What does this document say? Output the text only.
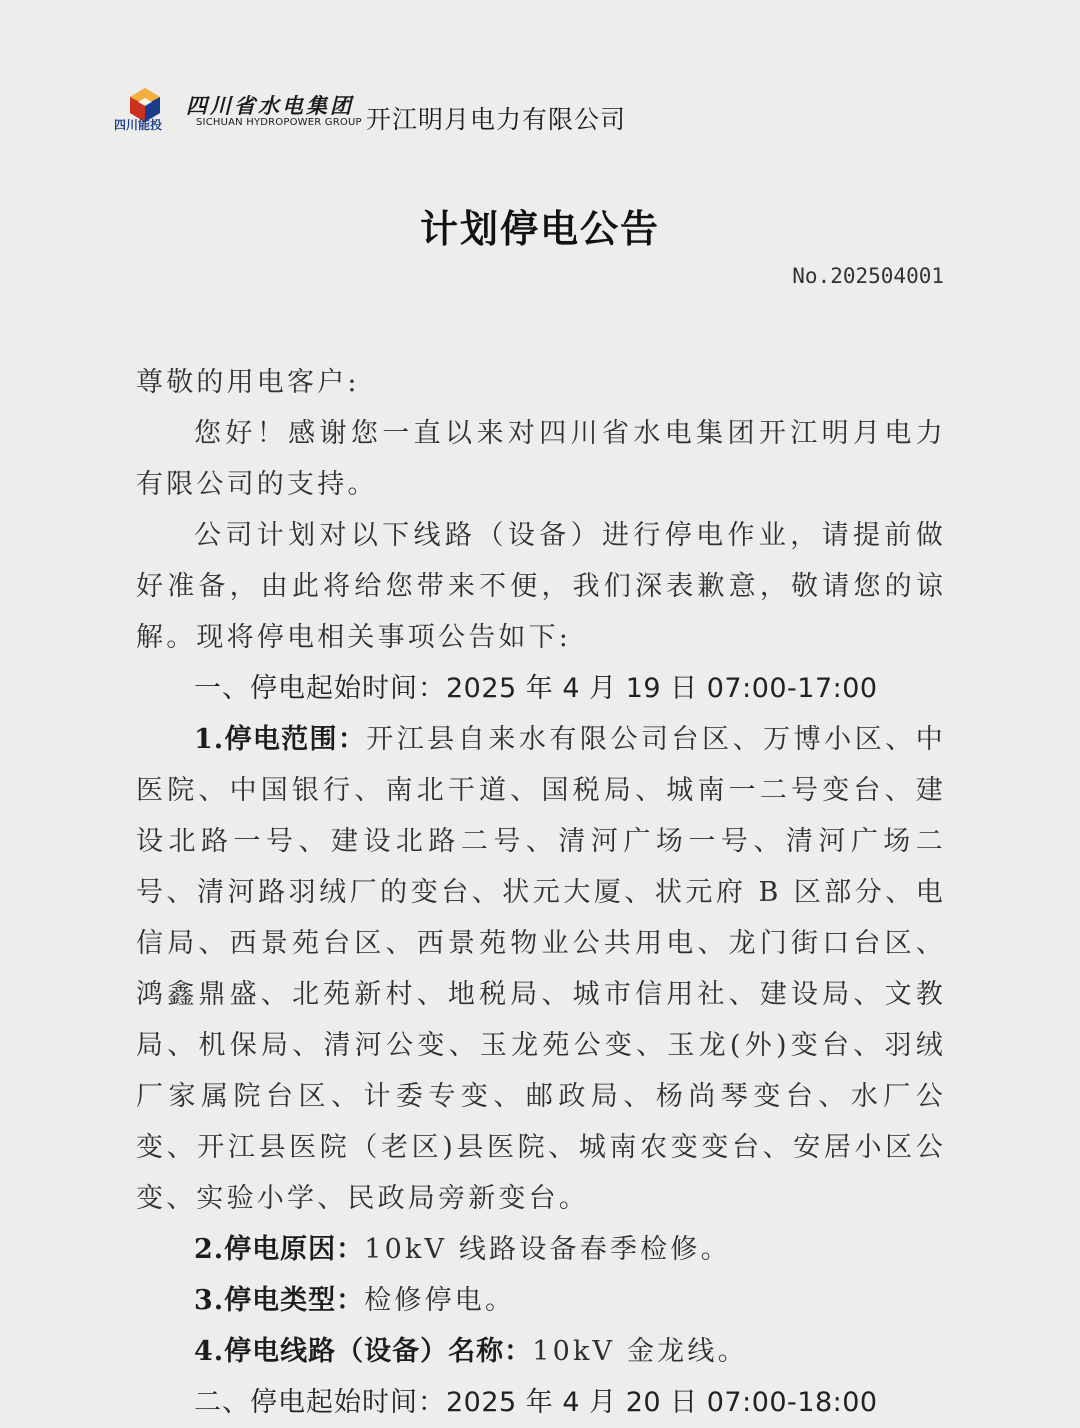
四川能投
四川省水电集团
SICHUAN HYDROPOWER GROUP 开江明月电力有限公司
计划停电公告
No.202504001

尊敬的用电客户:

您好！感谢您一直以来对四川省水电集团开江明月电力有限公司的支持。

公司计划对以下线路（设备）进行停电作业，请提前做好准备，由此将给您带来不便，我们深表歉意，敬请您的谅解。现将停电相关事项公告如下:

一、停电起始时间：2025 年 4 月 19 日 07:00-17:00

1.停电范围：开江县自来水有限公司台区、万博小区、中医院、中国银行、南北干道、国税局、城南一二号变台、建设北路一号、建设北路二号、清河广场一号、清河广场二号、清河路羽绒厂的变台、状元大厦、状元府 B 区部分、电信局、西景苑台区、西景苑物业公共用电、龙门街口台区、鸿鑫鼎盛、北苑新村、地税局、城市信用社、建设局、文教局、机保局、清河公变、玉龙苑公变、玉龙(外)变台、羽绒厂家属院台区、计委专变、邮政局、杨尚琴变台、水厂公变、开江县医院（老区)县医院、城南农变变台、安居小区公变、实验小学、民政局旁新变台。

2.停电原因：10kV 线路设备春季检修。

3.停电类型：检修停电。

4.停电线路（设备）名称：10kV 金龙线。

二、停电起始时间：2025 年 4 月 20 日 07:00-18:00
